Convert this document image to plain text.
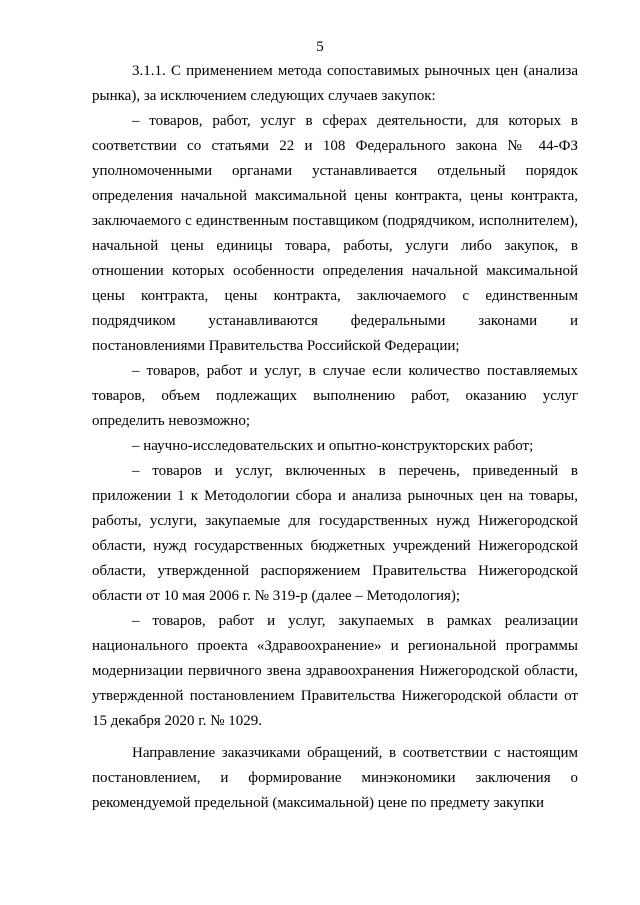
5

3.1.1. С применением метода сопоставимых рыночных цен (анализа рынка), за исключением следующих случаев закупок:

– товаров, работ, услуг в сферах деятельности, для которых в соответствии со статьями 22 и 108 Федерального закона № 44-ФЗ уполномоченными органами устанавливается отдельный порядок определения начальной максимальной цены контракта, цены контракта, заключаемого с единственным поставщиком (подрядчиком, исполнителем), начальной цены единицы товара, работы, услуги либо закупок, в отношении которых особенности определения начальной максимальной цены контракта, цены контракта, заключаемого с единственным подрядчиком устанавливаются федеральными законами и постановлениями Правительства Российской Федерации;

– товаров, работ и услуг, в случае если количество поставляемых товаров, объем подлежащих выполнению работ, оказанию услуг определить невозможно;

– научно-исследовательских и опытно-конструкторских работ;

– товаров и услуг, включенных в перечень, приведенный в приложении 1 к Методологии сбора и анализа рыночных цен на товары, работы, услуги, закупаемые для государственных нужд Нижегородской области, нужд государственных бюджетных учреждений Нижегородской области, утвержденной распоряжением Правительства Нижегородской области от 10 мая 2006 г. № 319-р (далее – Методология);

– товаров, работ и услуг, закупаемых в рамках реализации национального проекта «Здравоохранение» и региональной программы модернизации первичного звена здравоохранения Нижегородской области, утвержденной постановлением Правительства Нижегородской области от 15 декабря 2020 г. № 1029.

Направление заказчиками обращений, в соответствии с настоящим постановлением, и формирование минэкономики заключения о рекомендуемой предельной (максимальной) цене по предмету закупки
